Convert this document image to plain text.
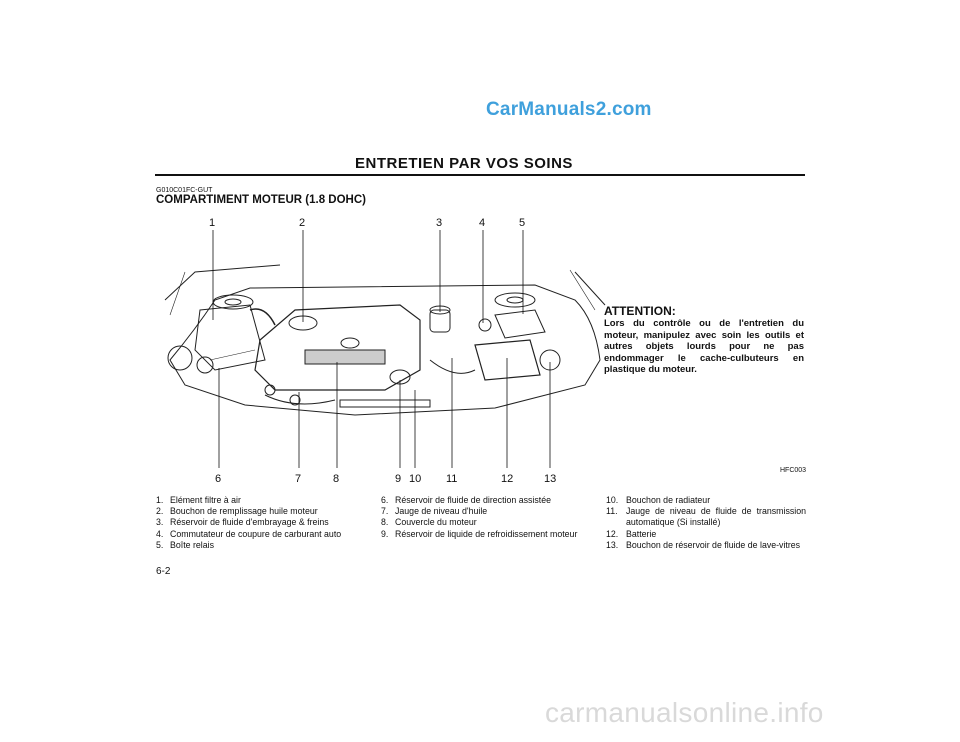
CarManuals2.com
ENTRETIEN PAR VOS SOINS
G010C01FC-GUT
COMPARTIMENT MOTEUR (1.8 DOHC)
1	2	3	4	5
6	7	8	9 10 11	12	13
HFC003
ATTENTION:
Lors du contrôle ou de l'entretien du moteur, manipulez avec soin les outils et autres objets lourds pour ne pas endommager le cache-culbuteurs en plastique du moteur.
1. Elément filtre à air
2. Bouchon de remplissage huile moteur
3. Réservoir de fluide d'embrayage & freins
4. Commutateur de coupure de carburant auto
5. Boîte relais
6. Réservoir de fluide de direction assistée
7. Jauge de niveau d'huile
8. Couvercle du moteur
9. Réservoir de liquide de refroidissement moteur
10. Bouchon de radiateur
11. Jauge de niveau de fluide de transmission automatique (Si installé)
12. Batterie
13. Bouchon de réservoir de fluide de lave-vitres
6-2
carmanualsonline.info
